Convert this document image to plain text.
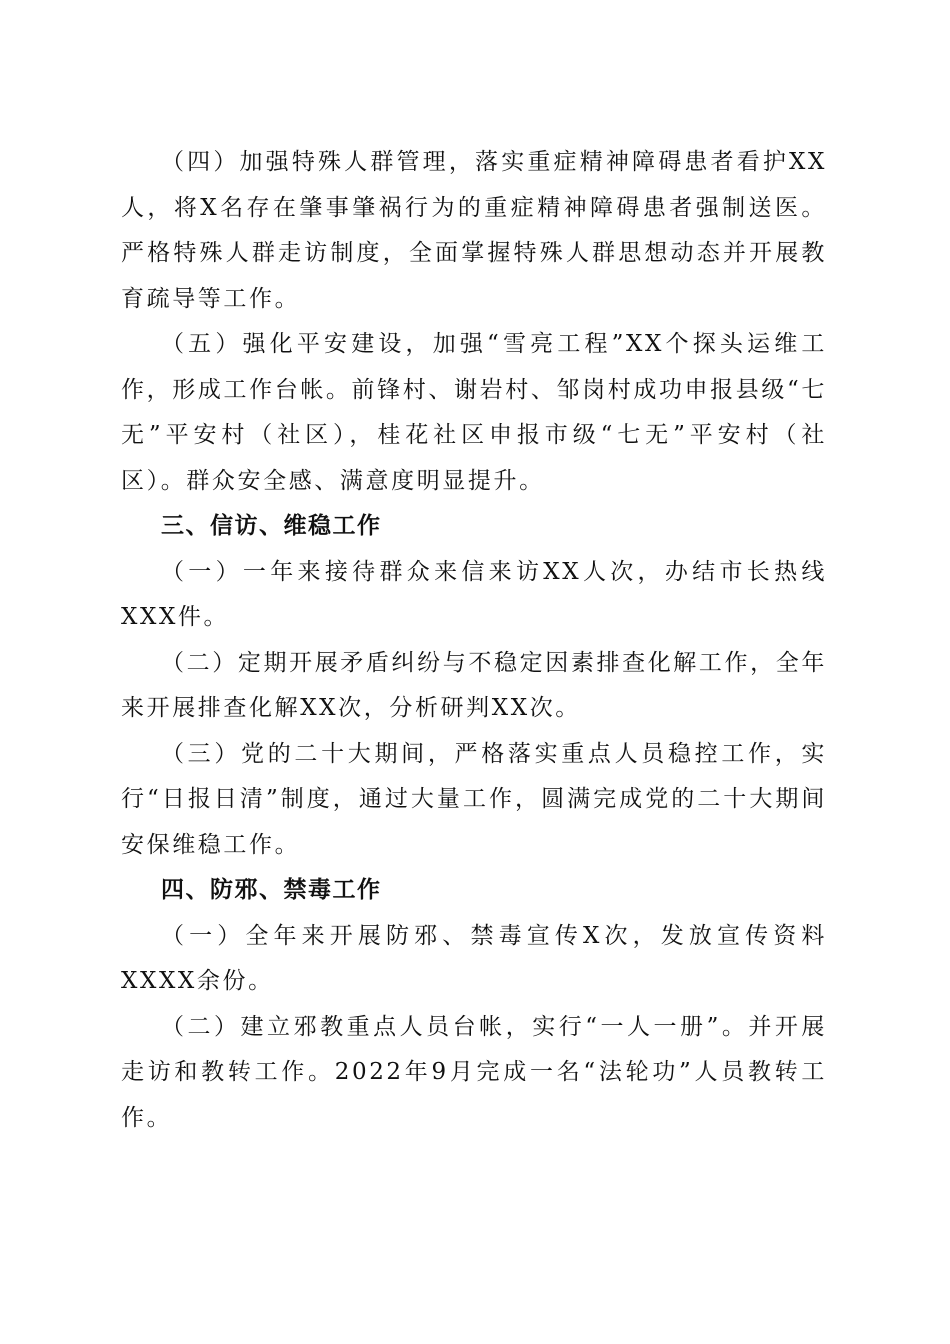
（四）加强特殊人群管理，落实重症精神障碍患者看护XX人，将X名存在肇事肇祸行为的重症精神障碍患者强制送医。严格特殊人群走访制度，全面掌握特殊人群思想动态并开展教育疏导等工作。

（五）强化平安建设，加强“雪亮工程”XX个探头运维工作，形成工作台帐。前锋村、谢岩村、邹岗村成功申报县级“七无”平安村（社区），桂花社区申报市级“七无”平安村（社区）。群众安全感、满意度明显提升。

三、信访、维稳工作

（一）一年来接待群众来信来访XX人次，办结市长热线XXX件。

（二）定期开展矛盾纠纷与不稳定因素排查化解工作，全年来开展排查化解XX次，分析研判XX次。

（三）党的二十大期间，严格落实重点人员稳控工作，实行“日报日清”制度，通过大量工作，圆满完成党的二十大期间安保维稳工作。

四、防邪、禁毒工作

（一）全年来开展防邪、禁毒宣传X次，发放宣传资料XXXX余份。

（二）建立邪教重点人员台帐，实行“一人一册”。并开展走访和教转工作。2022年9月完成一名“法轮功”人员教转工作。
